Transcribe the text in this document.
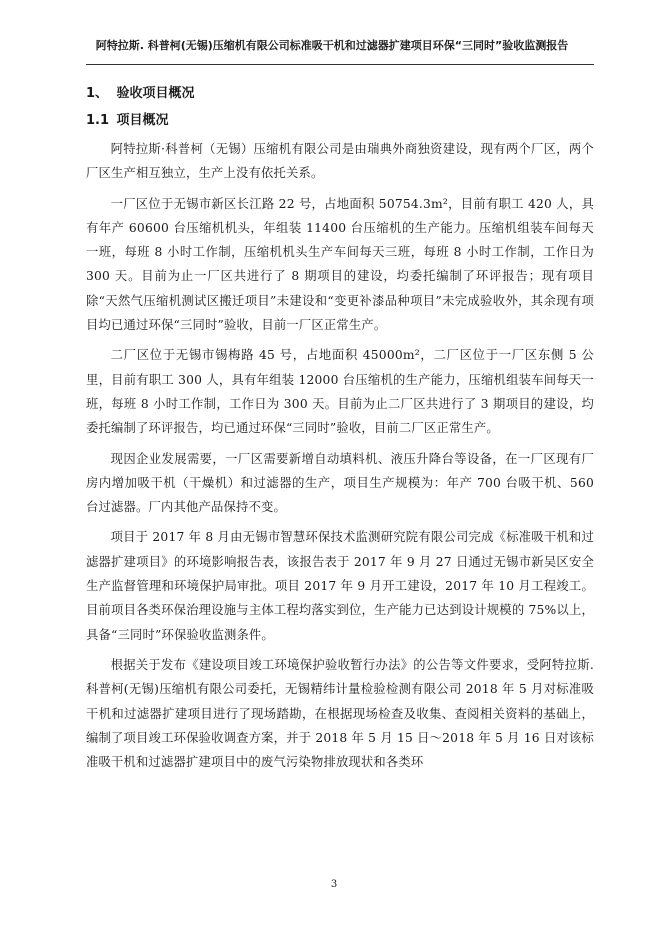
阿特拉斯. 科普柯(无锡)压缩机有限公司标准吸干机和过滤器扩建项目环保“三同时”验收监测报告
1、 验收项目概况
1.1 项目概况

阿特拉斯·科普柯（无锡）压缩机有限公司是由瑞典外商独资建设，现有两个厂区，两个厂区生产相互独立，生产上没有依托关系。

一厂区位于无锡市新区长江路 22 号，占地面积 50754.3m²，目前有职工 420 人，具有年产 60600 台压缩机机头，年组装 11400 台压缩机的生产能力。压缩机组装车间每天一班，每班 8 小时工作制，压缩机机头生产车间每天三班，每班 8 小时工作制，工作日为 300 天。目前为止一厂区共进行了 8 期项目的建设，均委托编制了环评报告；现有项目除“天然气压缩机测试区搬迁项目”未建设和“变更补漆品种项目”未完成验收外，其余现有项目均已通过环保“三同时”验收，目前一厂区正常生产。

二厂区位于无锡市锡梅路 45 号，占地面积 45000m²，二厂区位于一厂区东侧 5 公里，目前有职工 300 人，具有年组装 12000 台压缩机的生产能力，压缩机组装车间每天一班，每班 8 小时工作制，工作日为 300 天。目前为止二厂区共进行了 3 期项目的建设，均委托编制了环评报告，均已通过环保“三同时”验收，目前二厂区正常生产。

现因企业发展需要，一厂区需要新增自动填料机、液压升降台等设备，在一厂区现有厂房内增加吸干机（干燥机）和过滤器的生产，项目生产规模为：年产 700 台吸干机、560 台过滤器。厂内其他产品保持不变。

项目于 2017 年 8 月由无锡市智慧环保技术监测研究院有限公司完成《标准吸干机和过滤器扩建项目》的环境影响报告表，该报告表于 2017 年 9 月 27 日通过无锡市新吴区安全生产监督管理和环境保护局审批。项目 2017 年 9 月开工建设，2017 年 10 月工程竣工。目前项目各类环保治理设施与主体工程均落实到位，生产能力已达到设计规模的 75%以上，具备“三同时”环保验收监测条件。

根据关于发布《建设项目竣工环境保护验收暂行办法》的公告等文件要求，受阿特拉斯. 科普柯(无锡)压缩机有限公司委托，无锡精纬计量检验检测有限公司 2018 年 5 月对标准吸干机和过滤器扩建项目进行了现场踏勘，在根据现场检查及收集、查阅相关资料的基础上，编制了项目竣工环保验收调查方案，并于 2018 年 5 月 15 日～2018 年 5 月 16 日对该标准吸干机和过滤器扩建项目中的废气污染物排放现状和各类环

3
